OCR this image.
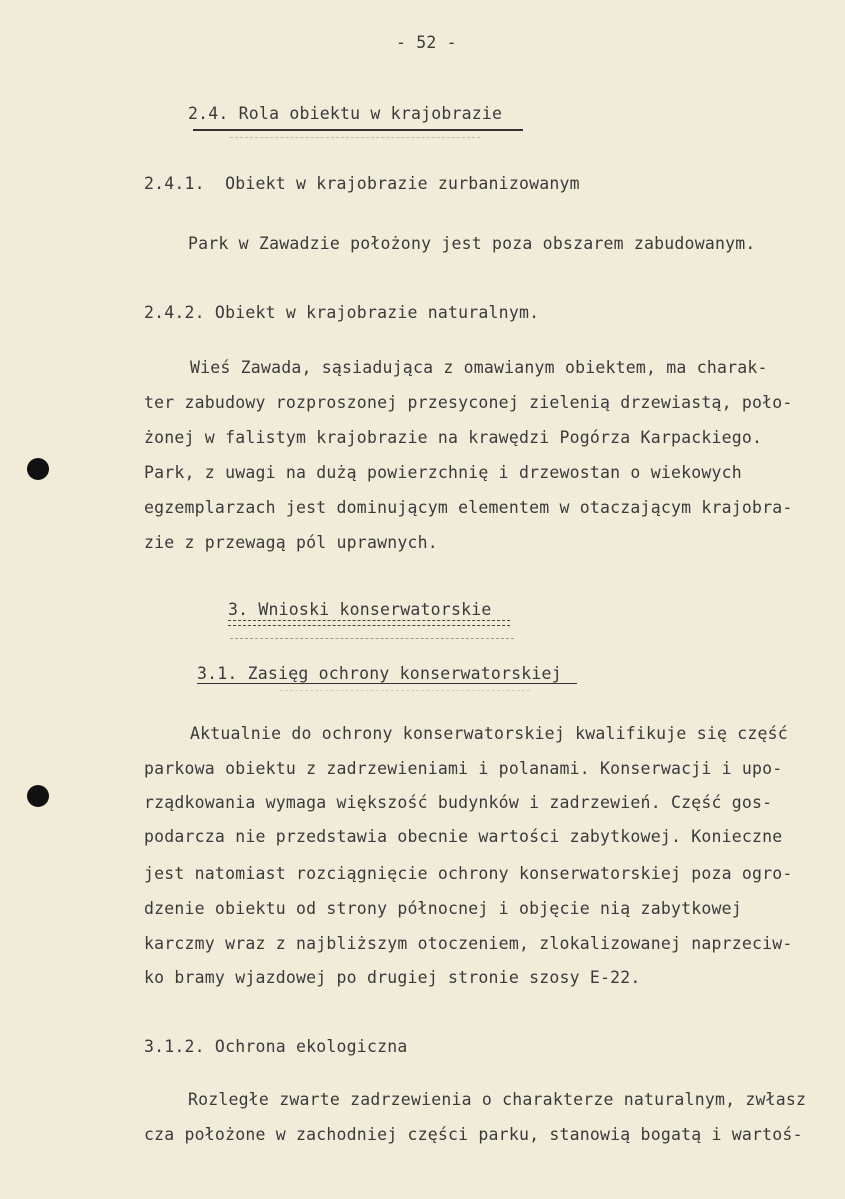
- 52 -
2.4. Rola obiektu w krajobrazie
2.4.1.  Obiekt w krajobrazie zurbanizowanym
Park w Zawadzie położony jest poza obszarem zabudowanym.
2.4.2. Obiekt w krajobrazie naturalnym.
Wieś Zawada, sąsiadująca z omawianym obiektem, ma charak-
ter zabudowy rozproszonej przesyconej zielenią drzewiastą, poło-
żonej w falistym krajobrazie na krawędzi Pogórza Karpackiego.
Park, z uwagi na dużą powierzchnię i drzewostan o wiekowych
egzemplarzach jest dominującym elementem w otaczającym krajobra-
zie z przewagą pól uprawnych.
3. Wnioski konserwatorskie
3.1. Zasięg ochrony konserwatorskiej
Aktualnie do ochrony konserwatorskiej kwalifikuje się część
parkowa obiektu z zadrzewieniami i polanami. Konserwacji i upo-
rządkowania wymaga większość budynków i zadrzewień. Część gos-
podarcza nie przedstawia obecnie wartości zabytkowej. Konieczne
jest natomiast rozciągnięcie ochrony konserwatorskiej poza ogro-
dzenie obiektu od strony północnej i objęcie nią zabytkowej
karczmy wraz z najbliższym otoczeniem, zlokalizowanej naprzeciw-
ko bramy wjazdowej po drugiej stronie szosy E-22.
3.1.2. Ochrona ekologiczna
Rozległe zwarte zadrzewienia o charakterze naturalnym, zwłasz
cza położone w zachodniej części parku, stanowią bogatą i wartoś-
